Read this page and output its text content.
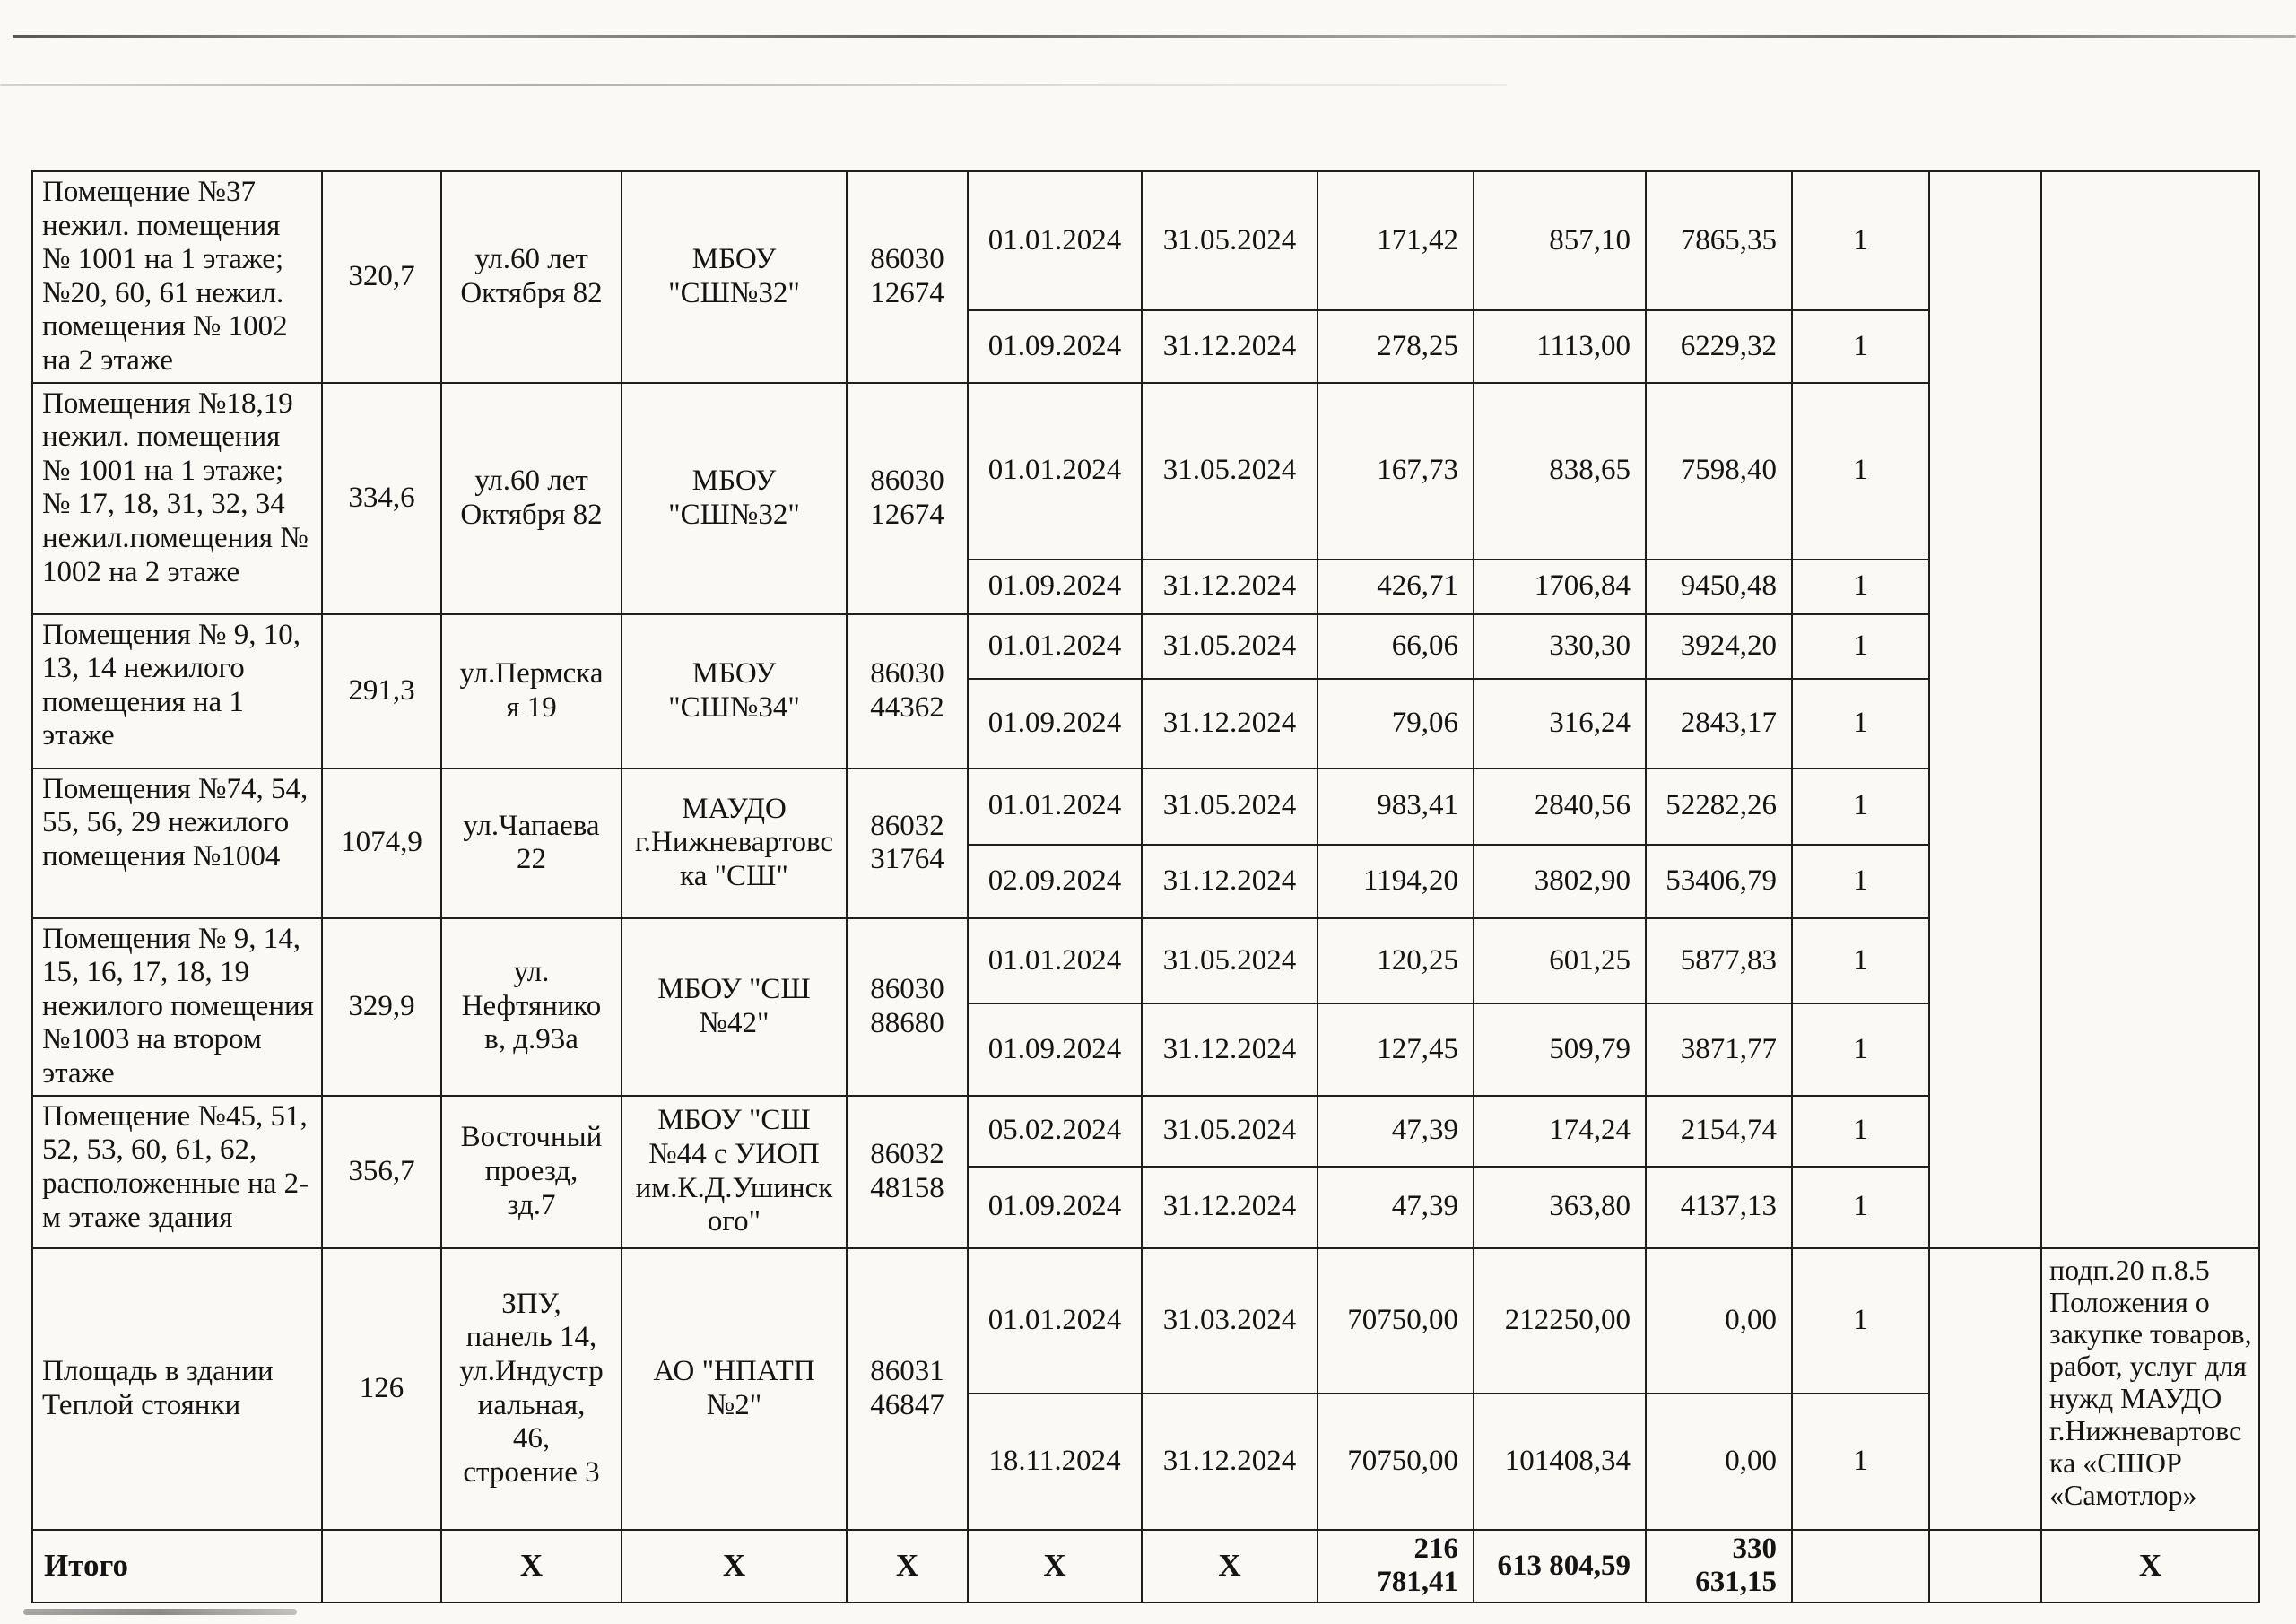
Помещение №37 нежил. помещения № 1001 на 1 этаже; №20, 60, 61 нежил. помещения № 1002 на 2 этаже	320,7	ул.60 лет Октября 82	МБОУ "СШ№32"	86030 12674	01.01.2024	31.05.2024	171,42	857,10	7865,35	1		
					01.09.2024	31.12.2024	278,25	1113,00	6229,32	1		
Помещения №18,19 нежил. помещения № 1001 на 1 этаже; № 17, 18, 31, 32, 34 нежил.помещения № 1002 на 2 этаже	334,6	ул.60 лет Октября 82	МБОУ "СШ№32"	86030 12674	01.01.2024	31.05.2024	167,73	838,65	7598,40	1		
					01.09.2024	31.12.2024	426,71	1706,84	9450,48	1		
Помещения № 9, 10, 13, 14 нежилого помещения на 1 этаже	291,3	ул.Пермская 19	МБОУ "СШ№34"	86030 44362	01.01.2024	31.05.2024	66,06	330,30	3924,20	1		
					01.09.2024	31.12.2024	79,06	316,24	2843,17	1		
Помещения №74, 54, 55, 56, 29 нежилого помещения №1004	1074,9	ул.Чапаева 22	МАУДО г.Нижневартовска "СШ"	86032 31764	01.01.2024	31.05.2024	983,41	2840,56	52282,26	1		
					02.09.2024	31.12.2024	1194,20	3802,90	53406,79	1		
Помещения № 9, 14, 15, 16, 17, 18, 19 нежилого помещения №1003 на втором этаже	329,9	ул. Нефтяников, д.93а	МБОУ "СШ №42"	86030 88680	01.01.2024	31.05.2024	120,25	601,25	5877,83	1		
					01.09.2024	31.12.2024	127,45	509,79	3871,77	1		
Помещение №45, 51, 52, 53, 60, 61, 62, расположенные на 2-м этаже здания	356,7	Восточный проезд, зд.7	МБОУ "СШ №44 с УИОП им.К.Д.Ушинского"	86032 48158	05.02.2024	31.05.2024	47,39	174,24	2154,74	1		
					01.09.2024	31.12.2024	47,39	363,80	4137,13	1		
Площадь в здании Теплой стоянки	126	ЗПУ, панель 14, ул.Индустриальная, 46, строение 3	АО "НПАТП №2"	86031 46847	01.01.2024	31.03.2024	70750,00	212250,00	0,00	1		подп.20 п.8.5 Положения о закупке товаров, работ, услуг для нужд МАУДО г.Нижневартовска «СШОР «Самотлор»
					18.11.2024	31.12.2024	70750,00	101408,34	0,00	1		
Итого		X	X	X	X	X	216 781,41	613 804,59	330 631,15			X
